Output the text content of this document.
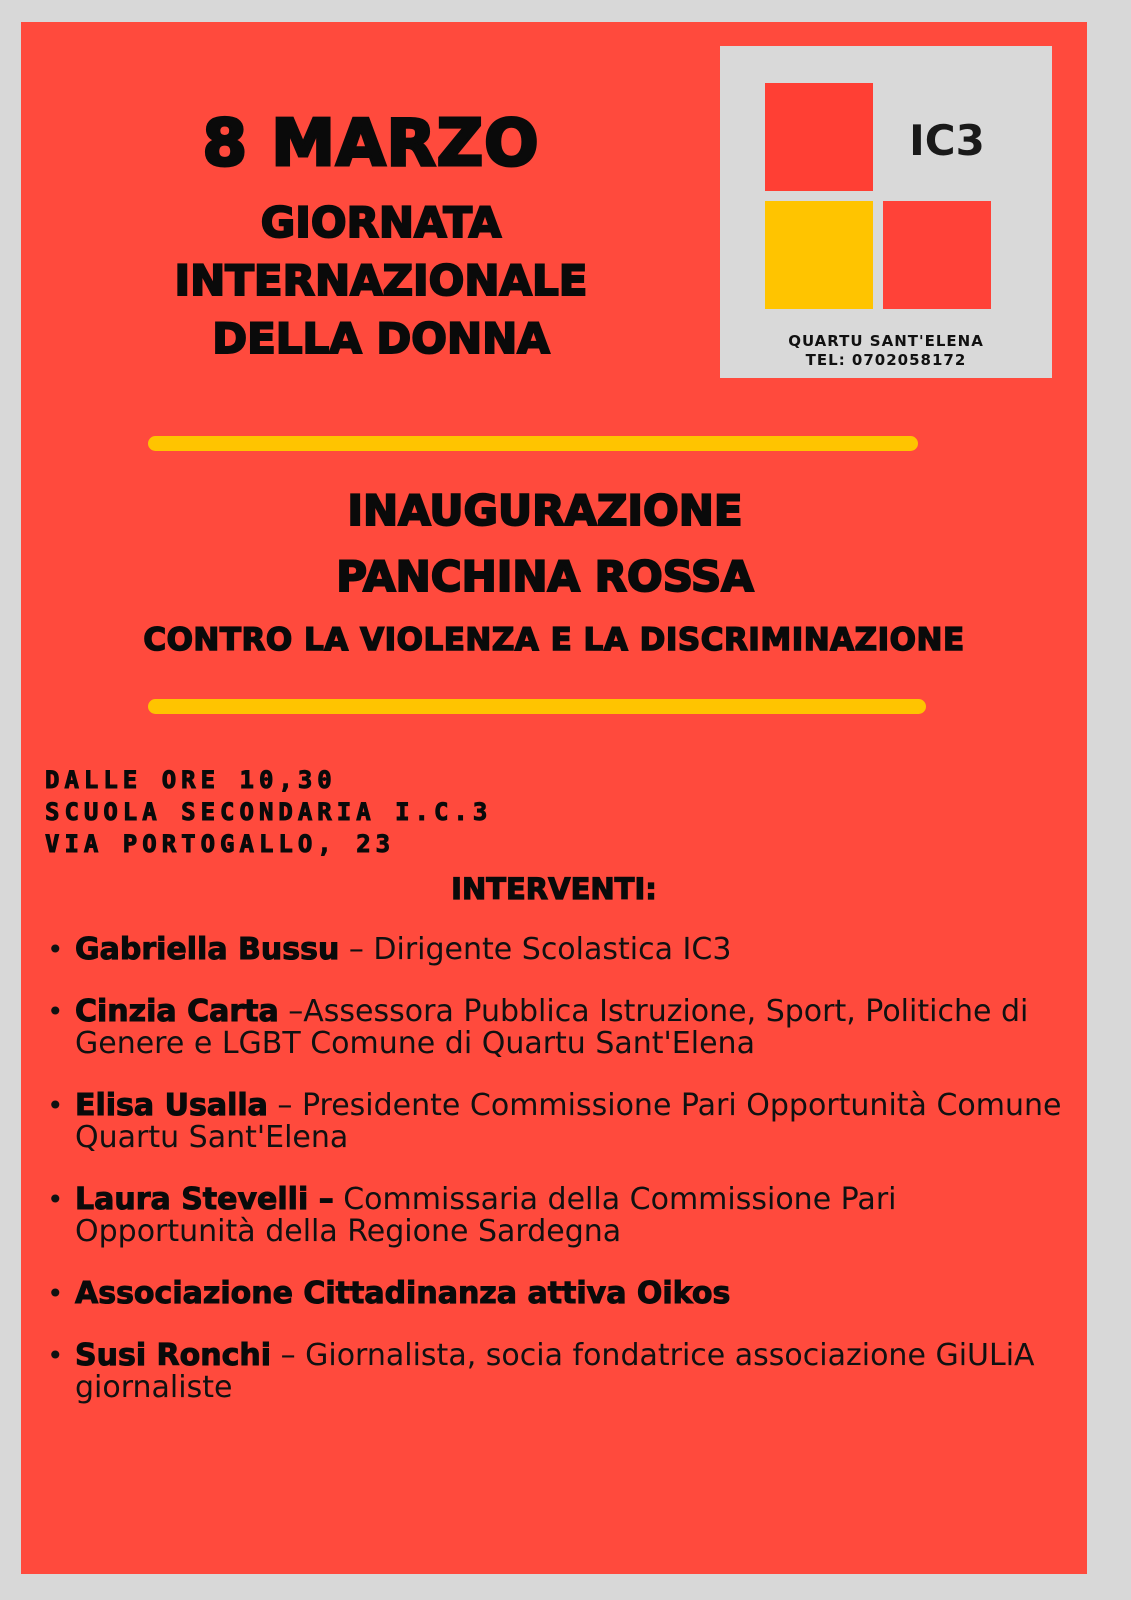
8 MARZO
GIORNATA
INTERNAZIONALE
DELLA DONNA
IC3
QUARTU SANT'ELENA
TEL: 0702058172
INAUGURAZIONE
PANCHINA ROSSA
CONTRO LA VIOLENZA E LA DISCRIMINAZIONE
DALLE ORE 10,30
SCUOLA SECONDARIA I.C.3
VIA PORTOGALLO, 23
INTERVENTI:
• Gabriella Bussu – Dirigente Scolastica IC3
• Cinzia Carta –Assessora Pubblica Istruzione, Sport, Politiche di Genere e LGBT Comune di Quartu Sant'Elena
• Elisa Usalla – Presidente Commissione Pari Opportunità Comune Quartu Sant'Elena
• Laura Stevelli – Commissaria della Commissione Pari Opportunità della Regione Sardegna
• Associazione Cittadinanza attiva Oikos
• Susi Ronchi – Giornalista, socia fondatrice associazione GiULiA giornaliste
